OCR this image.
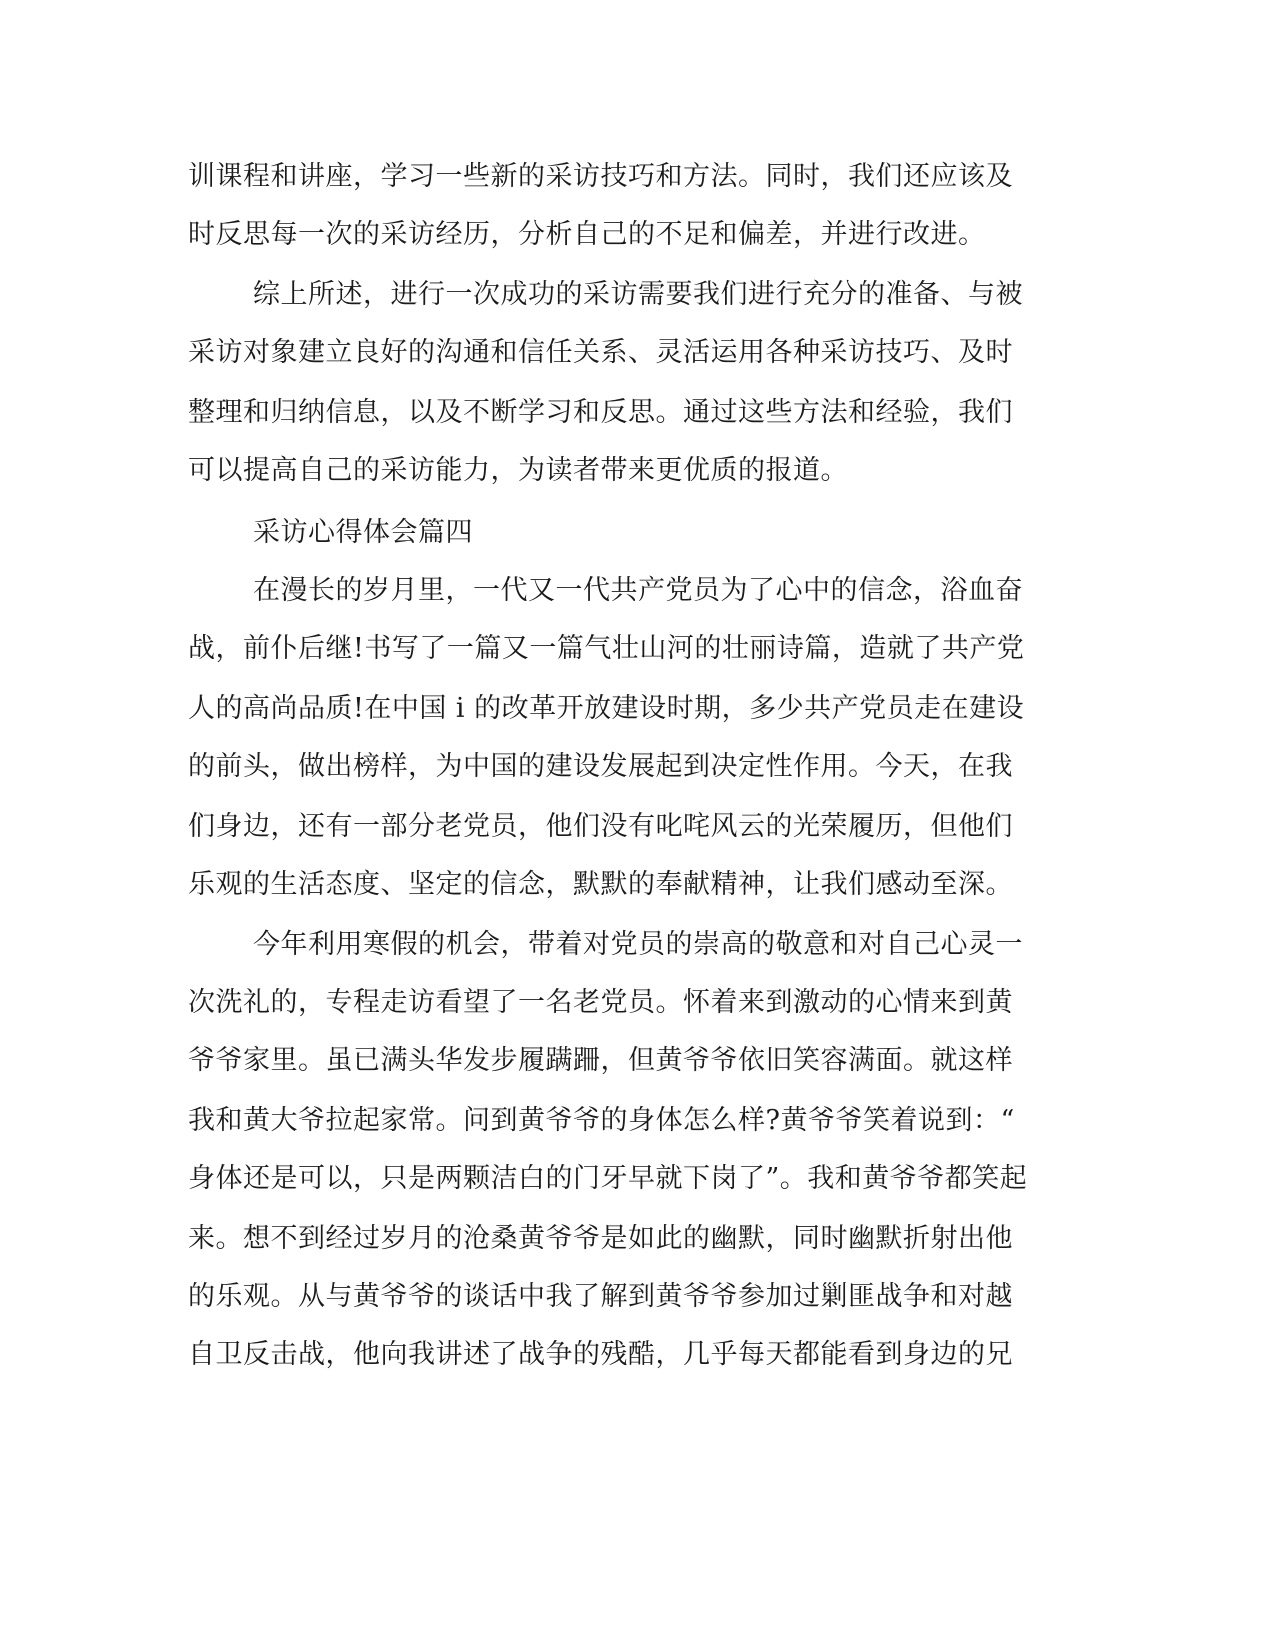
训课程和讲座，学习一些新的采访技巧和方法。同时，我们还应该及
时反思每一次的采访经历，分析自己的不足和偏差，并进行改进。
综上所述，进行一次成功的采访需要我们进行充分的准备、与被
采访对象建立良好的沟通和信任关系、灵活运用各种采访技巧、及时
整理和归纳信息，以及不断学习和反思。通过这些方法和经验，我们
可以提高自己的采访能力，为读者带来更优质的报道。
采访心得体会篇四
在漫长的岁月里，一代又一代共产党员为了心中的信念，浴血奋
战，前仆后继!书写了一篇又一篇气壮山河的壮丽诗篇，造就了共产党
人的高尚品质!在中国 i 的改革开放建设时期，多少共产党员走在建设
的前头，做出榜样，为中国的建设发展起到决定性作用。今天，在我
们身边，还有一部分老党员，他们没有叱咤风云的光荣履历，但他们
乐观的生活态度、坚定的信念，默默的奉献精神，让我们感动至深。
今年利用寒假的机会，带着对党员的崇高的敬意和对自己心灵一
次洗礼的，专程走访看望了一名老党员。怀着来到激动的心情来到黄
爷爷家里。虽已满头华发步履蹒跚，但黄爷爷依旧笑容满面。就这样
我和黄大爷拉起家常。问到黄爷爷的身体怎么样?黄爷爷笑着说到：“
身体还是可以，只是两颗洁白的门牙早就下岗了”。我和黄爷爷都笑起
来。想不到经过岁月的沧桑黄爷爷是如此的幽默，同时幽默折射出他
的乐观。从与黄爷爷的谈话中我了解到黄爷爷参加过剿匪战争和对越
自卫反击战，他向我讲述了战争的残酷，几乎每天都能看到身边的兄
